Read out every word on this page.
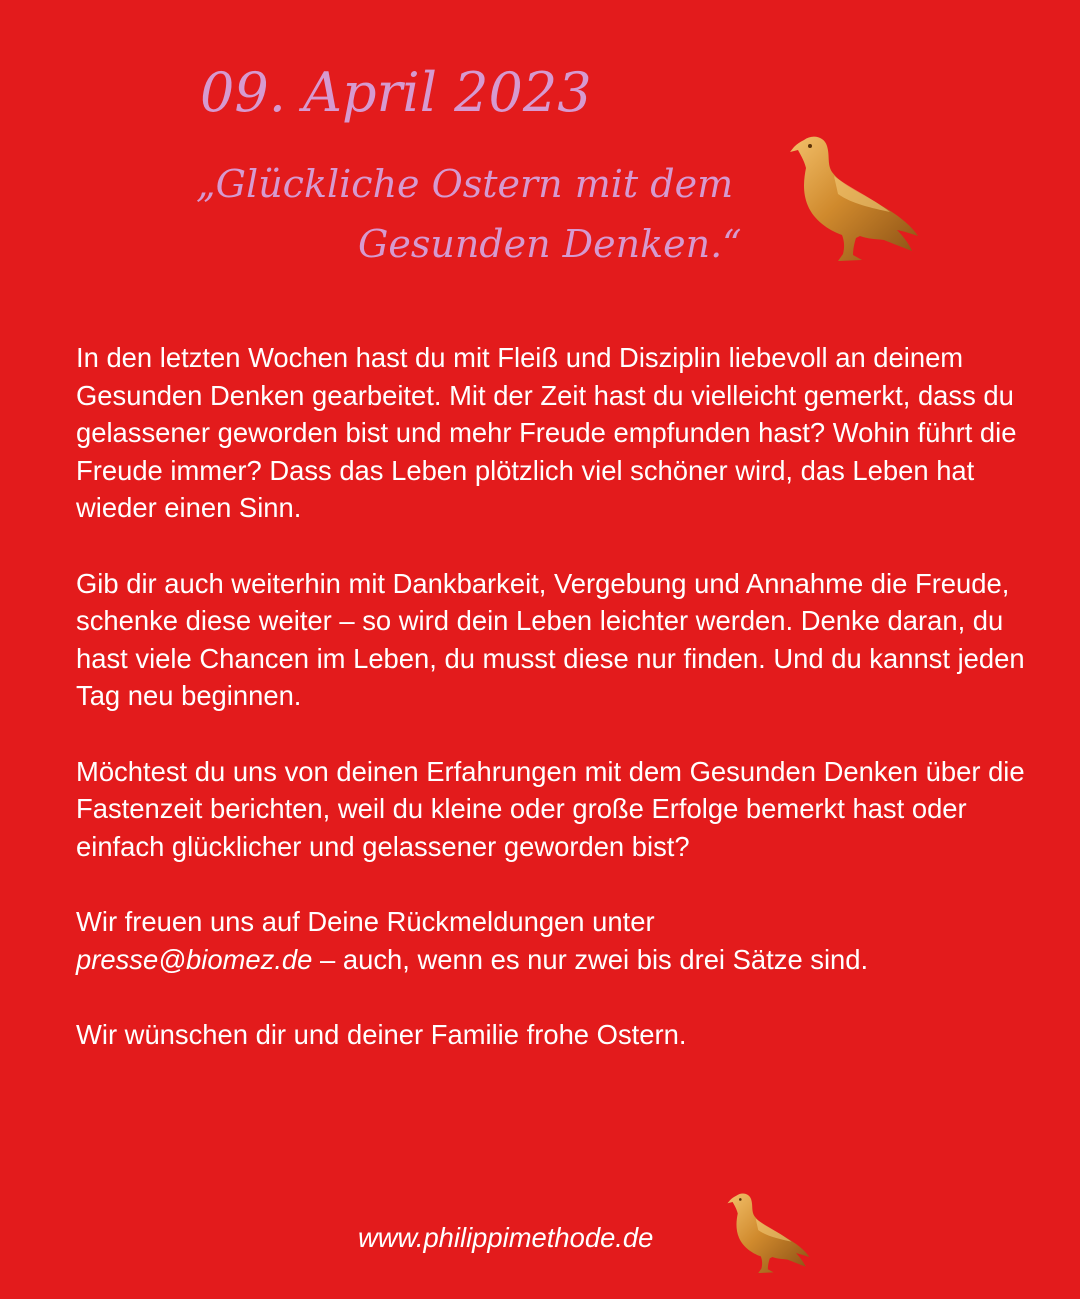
09. April 2023
„Glückliche Ostern mit dem
Gesunden Denken.“

In den letzten Wochen hast du mit Fleiß und Disziplin liebevoll an deinem Gesunden Denken gearbeitet. Mit der Zeit hast du vielleicht gemerkt, dass du gelassener geworden bist und mehr Freude empfunden hast? Wohin führt die Freude immer? Dass das Leben plötzlich viel schöner wird, das Leben hat wieder einen Sinn.

Gib dir auch weiterhin mit Dankbarkeit, Vergebung und Annahme die Freude, schenke diese weiter – so wird dein Leben leichter werden. Denke daran, du hast viele Chancen im Leben, du musst diese nur finden. Und du kannst jeden Tag neu beginnen.

Möchtest du uns von deinen Erfahrungen mit dem Gesunden Denken über die Fastenzeit berichten, weil du kleine oder große Erfolge bemerkt hast oder einfach glücklicher und gelassener geworden bist?

Wir freuen uns auf Deine Rückmeldungen unter
presse@biomez.de – auch, wenn es nur zwei bis drei Sätze sind.

Wir wünschen dir und deiner Familie frohe Ostern.

www.philippimethode.de
